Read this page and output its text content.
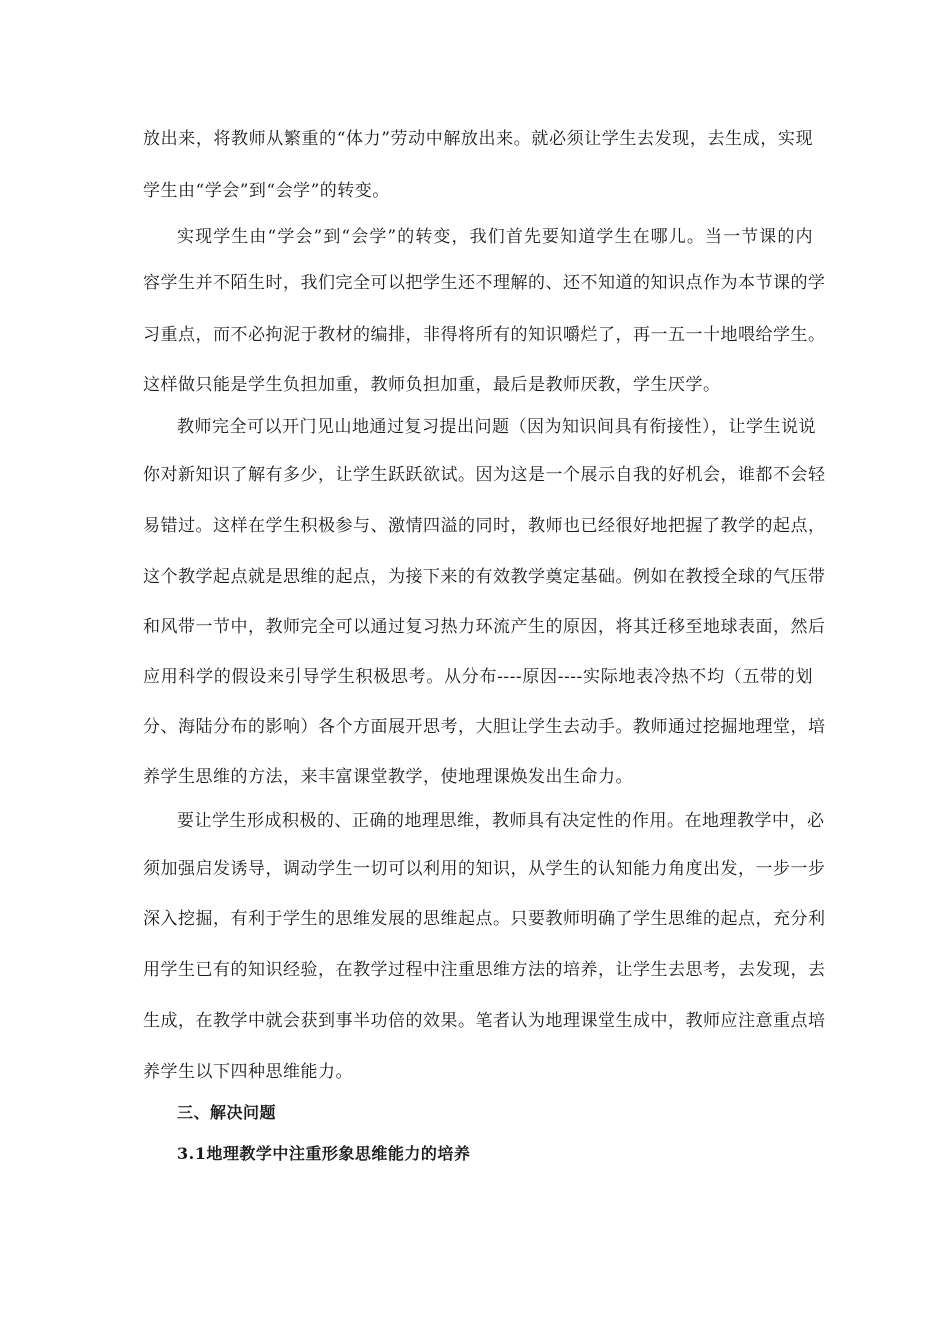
放出来，将教师从繁重的“体力”劳动中解放出来。就必须让学生去发现，去生成，实现
学生由“学会”到“会学”的转变。
实现学生由“学会”到“会学”的转变，我们首先要知道学生在哪儿。当一节课的内
容学生并不陌生时，我们完全可以把学生还不理解的、还不知道的知识点作为本节课的学
习重点，而不必拘泥于教材的编排，非得将所有的知识嚼烂了，再一五一十地喂给学生。
这样做只能是学生负担加重，教师负担加重，最后是教师厌教，学生厌学。
教师完全可以开门见山地通过复习提出问题（因为知识间具有衔接性），让学生说说
你对新知识了解有多少，让学生跃跃欲试。因为这是一个展示自我的好机会，谁都不会轻
易错过。这样在学生积极参与、激情四溢的同时，教师也已经很好地把握了教学的起点，
这个教学起点就是思维的起点，为接下来的有效教学奠定基础。例如在教授全球的气压带
和风带一节中，教师完全可以通过复习热力环流产生的原因，将其迁移至地球表面，然后
应用科学的假设来引导学生积极思考。从分布----原因----实际地表冷热不均（五带的划
分、海陆分布的影响）各个方面展开思考，大胆让学生去动手。教师通过挖掘地理堂，培
养学生思维的方法，来丰富课堂教学，使地理课焕发出生命力。
要让学生形成积极的、正确的地理思维，教师具有决定性的作用。在地理教学中，必
须加强启发诱导，调动学生一切可以利用的知识，从学生的认知能力角度出发，一步一步
深入挖掘，有利于学生的思维发展的思维起点。只要教师明确了学生思维的起点，充分利
用学生已有的知识经验，在教学过程中注重思维方法的培养，让学生去思考，去发现，去
生成，在教学中就会获到事半功倍的效果。笔者认为地理课堂生成中，教师应注意重点培
养学生以下四种思维能力。
三、解决问题
3.1地理教学中注重形象思维能力的培养
